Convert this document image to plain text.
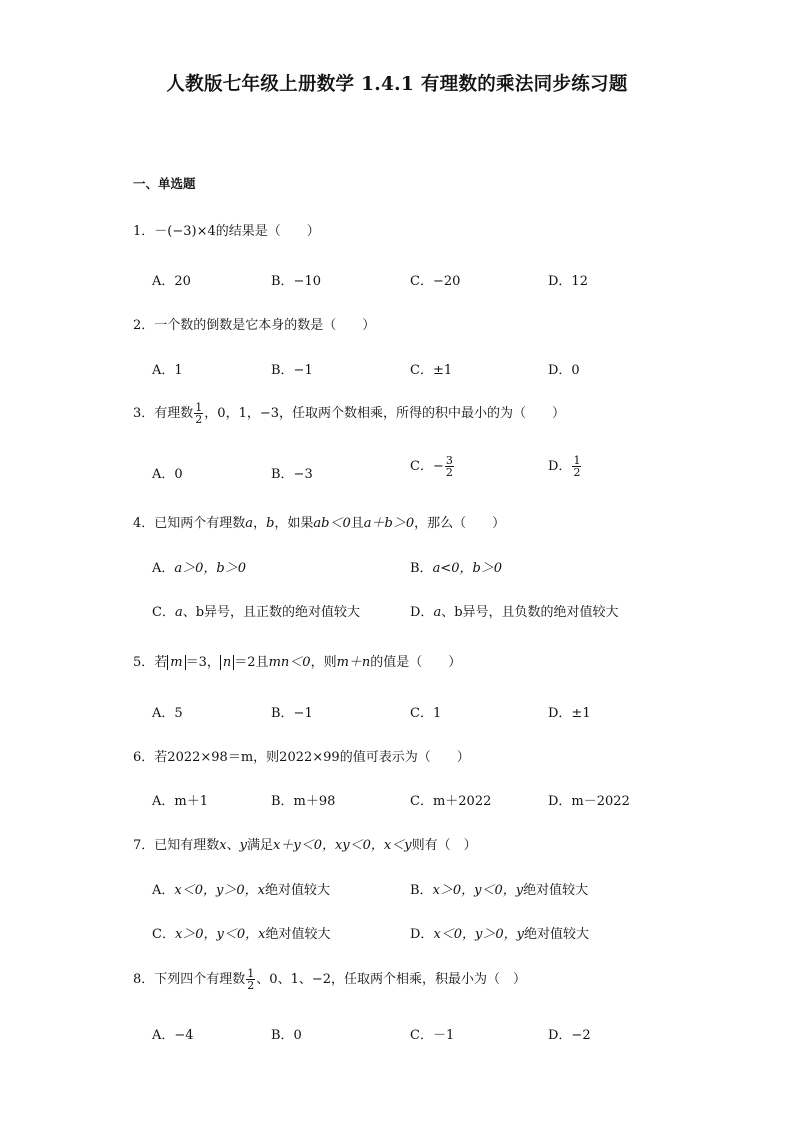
人教版七年级上册数学 1.4.1 有理数的乘法同步练习题
一、单选题
1．－(−3)×4的结果是（　　）
A．20	B．−10	C．−20	D．12
2．一个数的倒数是它本身的数是（　　）
A．1	B．−1	C．±1	D．0
3．有理数 $\frac{1}{2}$ ，0，1，−3，任取两个数相乘，所得的积中最小的为（　　）
A．0	B．−3
C．− $\frac{3}{2}$	D． $\frac{1}{2}$
4．已知两个有理数a，b，如果ab＜0且a＋b＞0，那么（　　）
A．a＞0，b＞0	B．a<0，b＞0
C．a、b异号，且正数的绝对值较大	D．a、b异号，且负数的绝对值较大
5．若 m ＝3， n ＝2且mn＜0，则m＋n的值是（　　）
A．5	B．−1	C．1	D．±1
6．若2022×98＝m，则2022×99的值可表示为（　　）
A．m＋1	B．m＋98	C．m＋2022	D．m－2022
7．已知有理数x、y满足x＋y＜0，xy＜0，x＜y则有（　）
A．x＜0，y＞0，x绝对值较大	B．x＞0，y＜0，y绝对值较大
C．x＞0，y＜0，x绝对值较大	D．x＜0，y＞0，y绝对值较大
8．下列四个有理数 $\frac{1}{2}$ 、0、1、−2，任取两个相乘，积最小为（　）
A．−4	B．0	C．－1	D．−2
